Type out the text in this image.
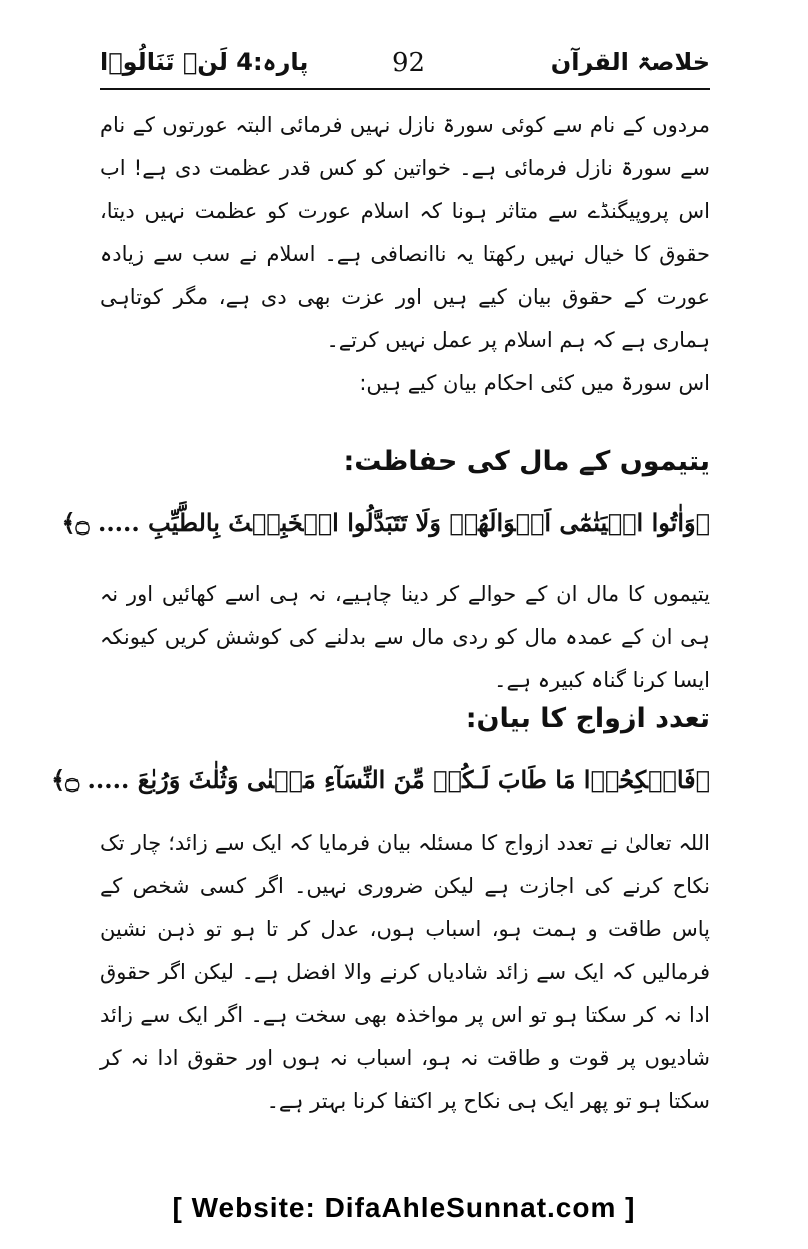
خلاصۃ القرآن
92
پارہ:4 لَنۡ تَنَالُوۡا
مردوں کے نام سے کوئی سورۃ نازل نہیں فرمائی البتہ عورتوں کے نام سے سورۃ نازل فرمائی ہے۔ خواتین کو کس قدر عظمت دی ہے! اب اس پروپیگنڈے سے متاثر ہونا کہ اسلام عورت کو عظمت نہیں دیتا، حقوق کا خیال نہیں رکھتا یہ ناانصافی ہے۔ اسلام نے سب سے زیادہ عورت کے حقوق بیان کیے ہیں اور عزت بھی دی ہے، مگر کوتاہی ہماری ہے کہ ہم اسلام پر عمل نہیں کرتے۔
اس سورۃ میں کئی احکام بیان کیے ہیں:
یتیموں کے مال کی حفاظت:
﴿وَاٰتُوا الۡيَتٰمٰٓى اَمۡوَالَهُمۡ وَلَا تَتَبَدَّلُوا الۡخَبِيۡثَ بِالطَّيِّبِ ..... ۝﴾
یتیموں کا مال ان کے حوالے کر دینا چاہیے، نہ ہی اسے کھائیں اور نہ ہی ان کے عمدہ مال کو ردی مال سے بدلنے کی کوشش کریں کیونکہ ایسا کرنا گناہ کبیرہ ہے۔
تعدد ازواج کا بیان:
﴿فَانۡكِحُوۡا مَا طَابَ لَـكُمۡ مِّنَ النِّسَآءِ مَثۡنٰى وَثُلٰثَ وَرُبٰعَ ..... ۝﴾
اللہ تعالیٰ نے تعدد ازواج کا مسئلہ بیان فرمایا کہ ایک سے زائد؛ چار تک نکاح کرنے کی اجازت ہے لیکن ضروری نہیں۔ اگر کسی شخص کے پاس طاقت و ہمت ہو، اسباب ہوں، عدل کر تا ہو تو ذہن نشین فرمالیں کہ ایک سے زائد شادیاں کرنے والا افضل ہے۔ لیکن اگر حقوق ادا نہ کر سکتا ہو تو اس پر مواخذہ بھی سخت ہے۔ اگر ایک سے زائد شادیوں پر قوت و طاقت نہ ہو، اسباب نہ ہوں اور حقوق ادا نہ کر سکتا ہو تو پھر ایک ہی نکاح پر اکتفا کرنا بہتر ہے۔
[ Website: DifaAhleSunnat.com ]
